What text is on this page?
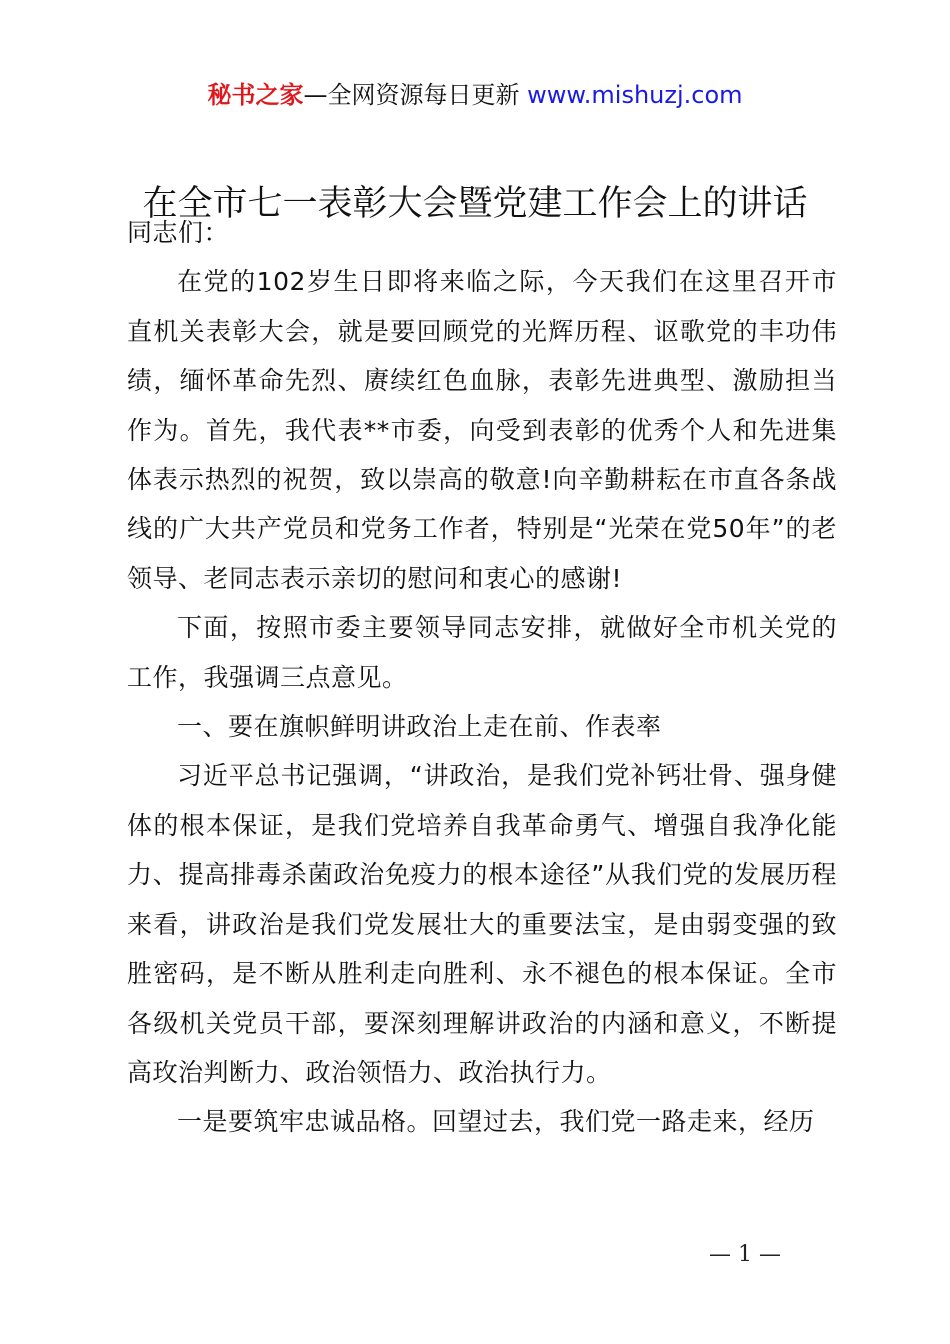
秘书之家—全网资源每日更新 www.mishuzj.com
在全市七一表彰大会暨党建工作会上的讲话

同志们：

在党的102岁生日即将来临之际，今天我们在这里召开市直机关表彰大会，就是要回顾党的光辉历程、讴歌党的丰功伟绩，缅怀革命先烈、赓续红色血脉，表彰先进典型、激励担当作为。首先，我代表**市委，向受到表彰的优秀个人和先进集体表示热烈的祝贺，致以崇高的敬意!向辛勤耕耘在市直各条战线的广大共产党员和党务工作者，特别是“光荣在党50年”的老领导、老同志表示亲切的慰问和衷心的感谢!

下面，按照市委主要领导同志安排，就做好全市机关党的工作，我强调三点意见。

一、要在旗帜鲜明讲政治上走在前、作表率

习近平总书记强调，“讲政治，是我们党补钙壮骨、强身健体的根本保证，是我们党培养自我革命勇气、增强自我净化能力、提高排毒杀菌政治免疫力的根本途径”从我们党的发展历程来看，讲政治是我们党发展壮大的重要法宝，是由弱变强的致胜密码，是不断从胜利走向胜利、永不褪色的根本保证。全市各级机关党员干部，要深刻理解讲政治的内涵和意义，不断提高玫治判断力、政治领悟力、政治执行力。

一是要筑牢忠诚品格。回望过去，我们党一路走来，经历

— 1 —
